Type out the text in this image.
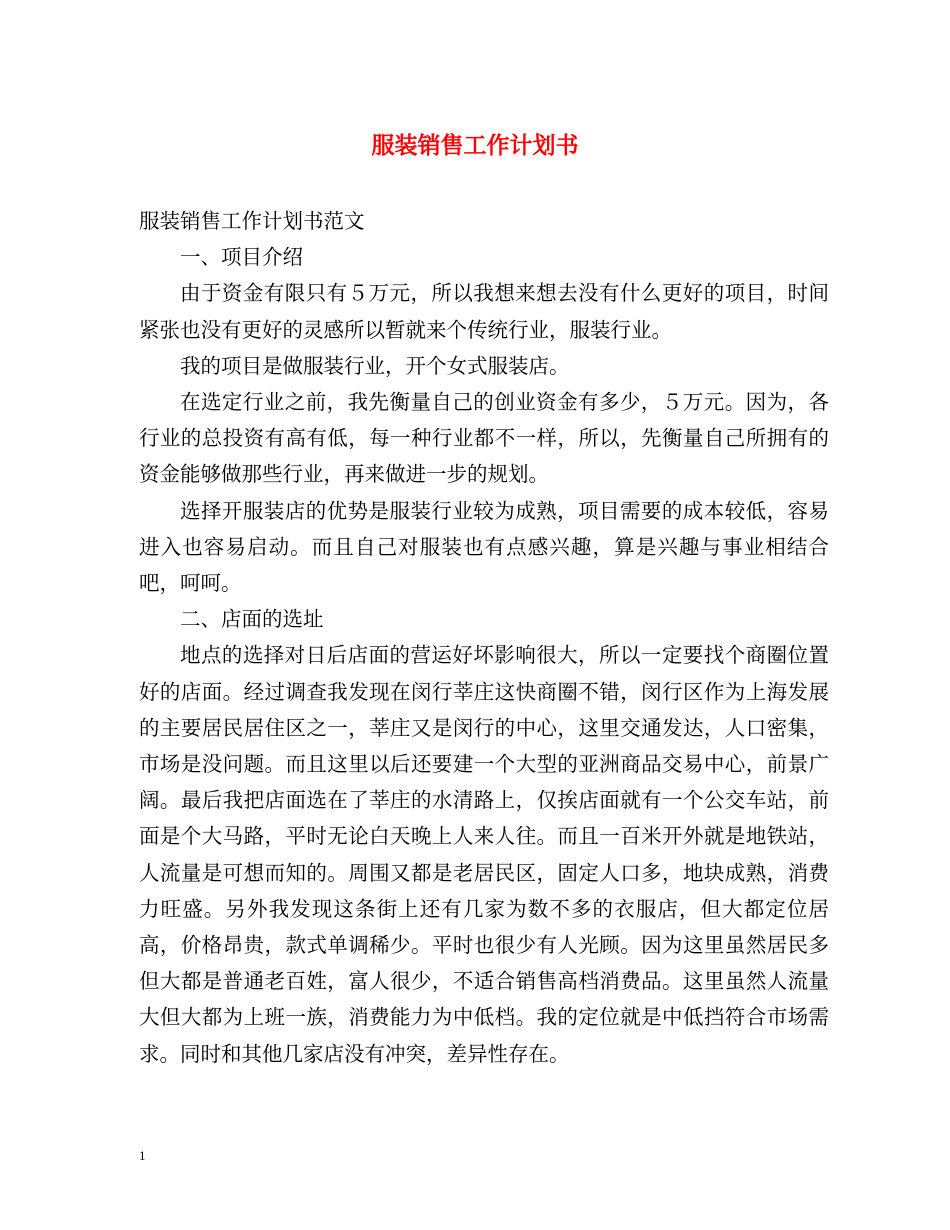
服装销售工作计划书

服装销售工作计划书范文

一、项目介绍

由于资金有限只有５万元，所以我想来想去没有什么更好的项目，时间紧张也没有更好的灵感所以暂就来个传统行业，服装行业。

我的项目是做服装行业，开个女式服装店。

在选定行业之前，我先衡量自己的创业资金有多少，５万元。因为，各行业的总投资有高有低，每一种行业都不一样，所以，先衡量自己所拥有的资金能够做那些行业，再来做进一步的规划。

选择开服装店的优势是服装行业较为成熟，项目需要的成本较低，容易进入也容易启动。而且自己对服装也有点感兴趣，算是兴趣与事业相结合吧，呵呵。

二、店面的选址

地点的选择对日后店面的营运好坏影响很大，所以一定要找个商圈位置好的店面。经过调查我发现在闵行莘庄这快商圈不错，闵行区作为上海发展的主要居民居住区之一，莘庄又是闵行的中心，这里交通发达，人口密集，市场是没问题。而且这里以后还要建一个大型的亚洲商品交易中心，前景广阔。最后我把店面选在了莘庄的水清路上，仅挨店面就有一个公交车站，前面是个大马路，平时无论白天晚上人来人往。而且一百米开外就是地铁站，人流量是可想而知的。周围又都是老居民区，固定人口多，地块成熟，消费力旺盛。另外我发现这条街上还有几家为数不多的衣服店，但大都定位居高，价格昂贵，款式单调稀少。平时也很少有人光顾。因为这里虽然居民多但大都是普通老百姓，富人很少，不适合销售高档消费品。这里虽然人流量大但大都为上班一族，消费能力为中低档。我的定位就是中低挡符合市场需求。同时和其他几家店没有冲突，差异性存在。

1
